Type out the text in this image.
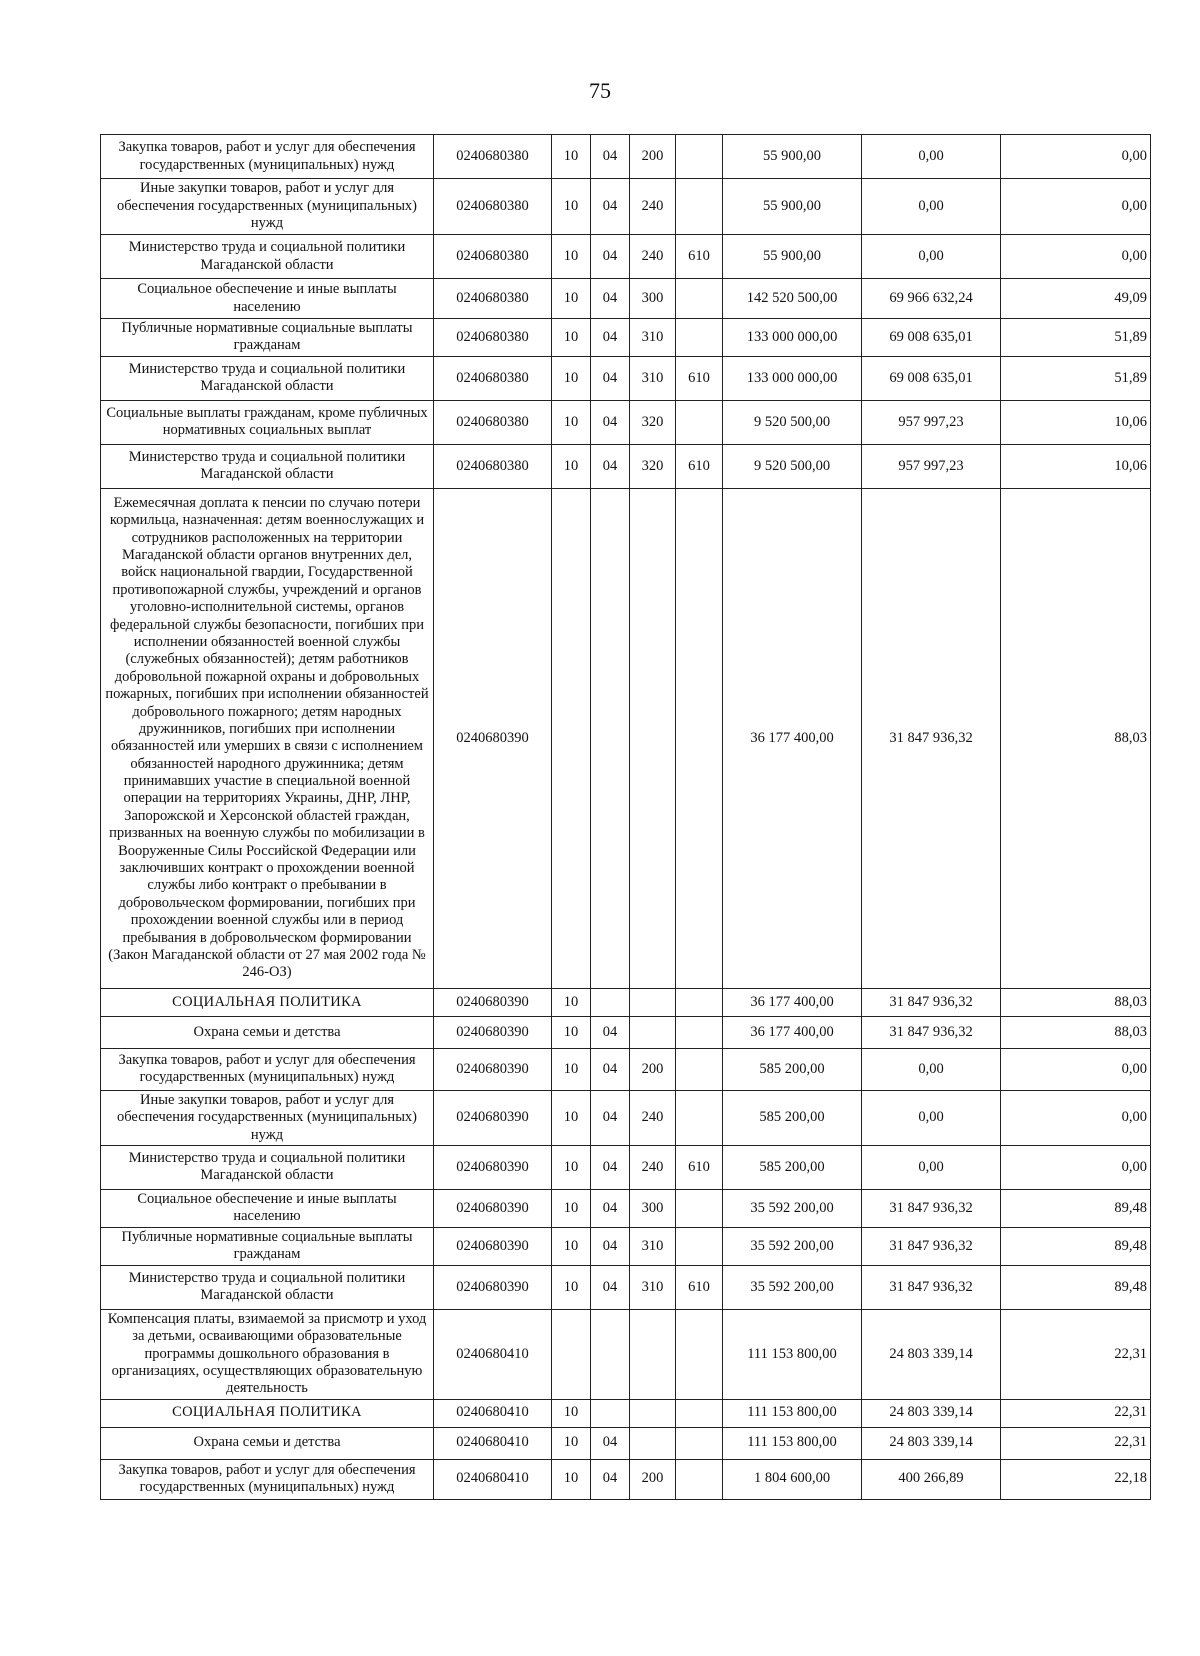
75
Закупка товаров, работ и услуг для обеспечения государственных (муниципальных) нужд	0240680380	10	04	200		55 900,00	0,00	0,00
Иные закупки товаров, работ и услуг для обеспечения государственных (муниципальных) нужд	0240680380	10	04	240		55 900,00	0,00	0,00
Министерство труда и социальной политики Магаданской области	0240680380	10	04	240	610	55 900,00	0,00	0,00
Социальное обеспечение и иные выплаты населению	0240680380	10	04	300		142 520 500,00	69 966 632,24	49,09
Публичные нормативные социальные выплаты гражданам	0240680380	10	04	310		133 000 000,00	69 008 635,01	51,89
Министерство труда и социальной политики Магаданской области	0240680380	10	04	310	610	133 000 000,00	69 008 635,01	51,89
Социальные выплаты гражданам, кроме публичных нормативных социальных выплат	0240680380	10	04	320		9 520 500,00	957 997,23	10,06
Министерство труда и социальной политики Магаданской области	0240680380	10	04	320	610	9 520 500,00	957 997,23	10,06
Ежемесячная доплата к пенсии по случаю потери кормильца, назначенная: детям военнослужащих и сотрудников расположенных на территории Магаданской области органов внутренних дел, войск национальной гвардии, Государственной противопожарной службы, учреждений и органов уголовно-исполнительной системы, органов федеральной службы безопасности, погибших при исполнении обязанностей военной службы (служебных обязанностей); детям работников добровольной пожарной охраны и добровольных пожарных, погибших при исполнении обязанностей добровольного пожарного; детям народных дружинников, погибших при исполнении обязанностей или умерших в связи с исполнением обязанностей народного дружинника; детям принимавших участие в специальной военной операции на территориях Украины, ДНР, ЛНР, Запорожской и Херсонской областей граждан, призванных на военную службы по мобилизации в Вооруженные Силы Российской Федерации или заключивших контракт о прохождении военной службы либо контракт о пребывании в добровольческом формировании, погибших при прохождении военной службы или в период пребывания в добровольческом формировании (Закон Магаданской области от 27 мая 2002 года № 246-ОЗ)	0240680390					36 177 400,00	31 847 936,32	88,03
СОЦИАЛЬНАЯ ПОЛИТИКА	0240680390	10				36 177 400,00	31 847 936,32	88,03
Охрана семьи и детства	0240680390	10	04			36 177 400,00	31 847 936,32	88,03
Закупка товаров, работ и услуг для обеспечения государственных (муниципальных) нужд	0240680390	10	04	200		585 200,00	0,00	0,00
Иные закупки товаров, работ и услуг для обеспечения государственных (муниципальных) нужд	0240680390	10	04	240		585 200,00	0,00	0,00
Министерство труда и социальной политики Магаданской области	0240680390	10	04	240	610	585 200,00	0,00	0,00
Социальное обеспечение и иные выплаты населению	0240680390	10	04	300		35 592 200,00	31 847 936,32	89,48
Публичные нормативные социальные выплаты гражданам	0240680390	10	04	310		35 592 200,00	31 847 936,32	89,48
Министерство труда и социальной политики Магаданской области	0240680390	10	04	310	610	35 592 200,00	31 847 936,32	89,48
Компенсация платы, взимаемой за присмотр и уход за детьми, осваивающими образовательные программы дошкольного образования в организациях, осуществляющих образовательную деятельность	0240680410					111 153 800,00	24 803 339,14	22,31
СОЦИАЛЬНАЯ ПОЛИТИКА	0240680410	10				111 153 800,00	24 803 339,14	22,31
Охрана семьи и детства	0240680410	10	04			111 153 800,00	24 803 339,14	22,31
Закупка товаров, работ и услуг для обеспечения государственных (муниципальных) нужд	0240680410	10	04	200		1 804 600,00	400 266,89	22,18
